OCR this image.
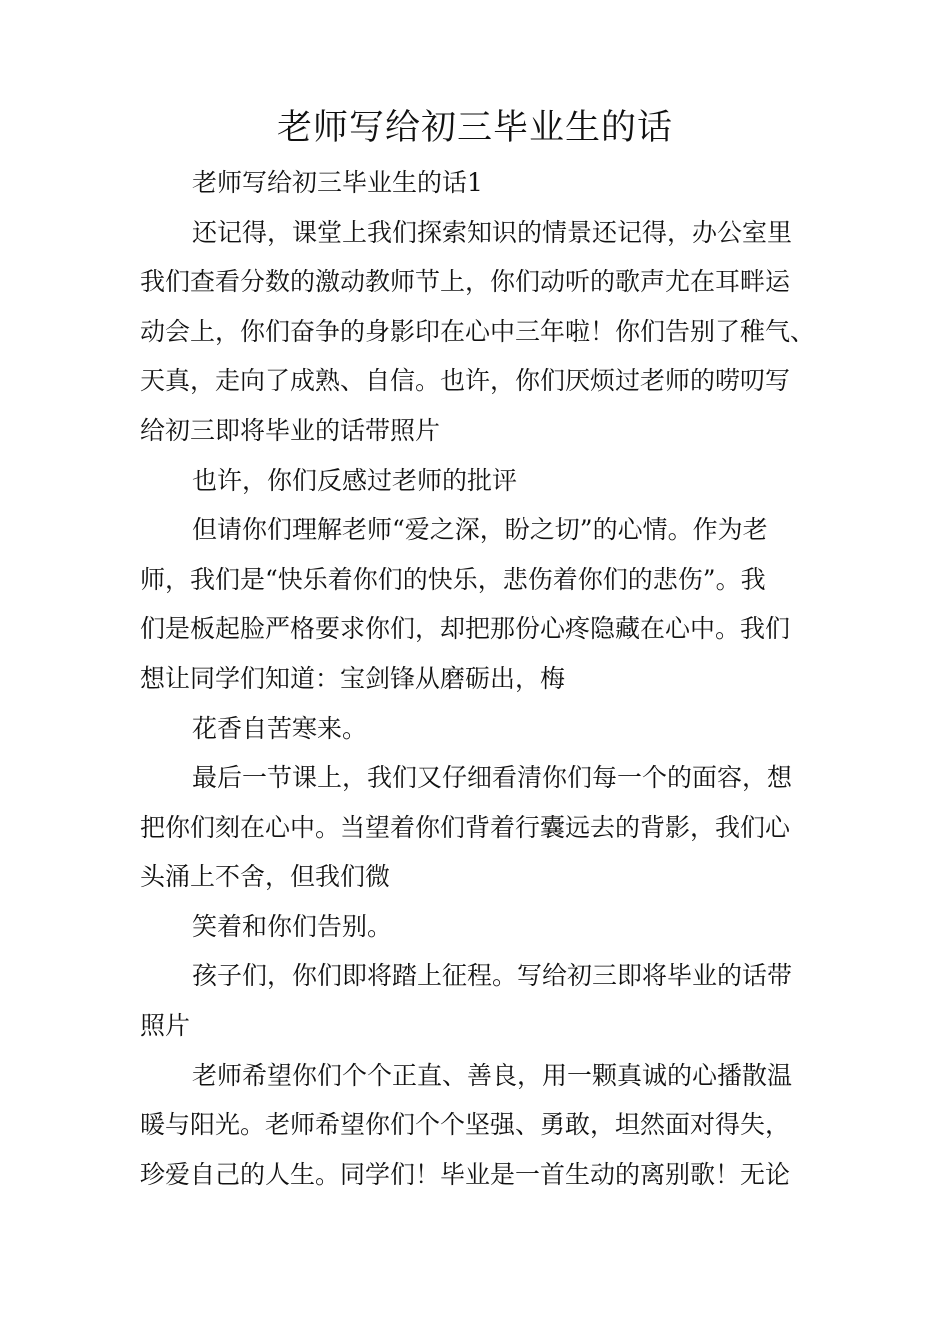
老师写给初三毕业生的话
老师写给初三毕业生的话1
还记得，课堂上我们探索知识的情景还记得，办公室里
我们查看分数的激动教师节上，你们动听的歌声尤在耳畔运
动会上，你们奋争的身影印在心中三年啦！你们告别了稚气、
天真，走向了成熟、自信。也许，你们厌烦过老师的唠叨写
给初三即将毕业的话带照片
也许，你们反感过老师的批评
但请你们理解老师“爱之深，盼之切”的心情。作为老
师，我们是“快乐着你们的快乐，悲伤着你们的悲伤”。我
们是板起脸严格要求你们，却把那份心疼隐藏在心中。我们
想让同学们知道：宝剑锋从磨砺出，梅
花香自苦寒来。
最后一节课上，我们又仔细看清你们每一个的面容，想
把你们刻在心中。当望着你们背着行囊远去的背影，我们心
头涌上不舍，但我们微
笑着和你们告别。
孩子们，你们即将踏上征程。写给初三即将毕业的话带
照片
老师希望你们个个正直、善良，用一颗真诚的心播散温
暖与阳光。老师希望你们个个坚强、勇敢，坦然面对得失，
珍爱自己的人生。同学们！毕业是一首生动的离别歌！无论
